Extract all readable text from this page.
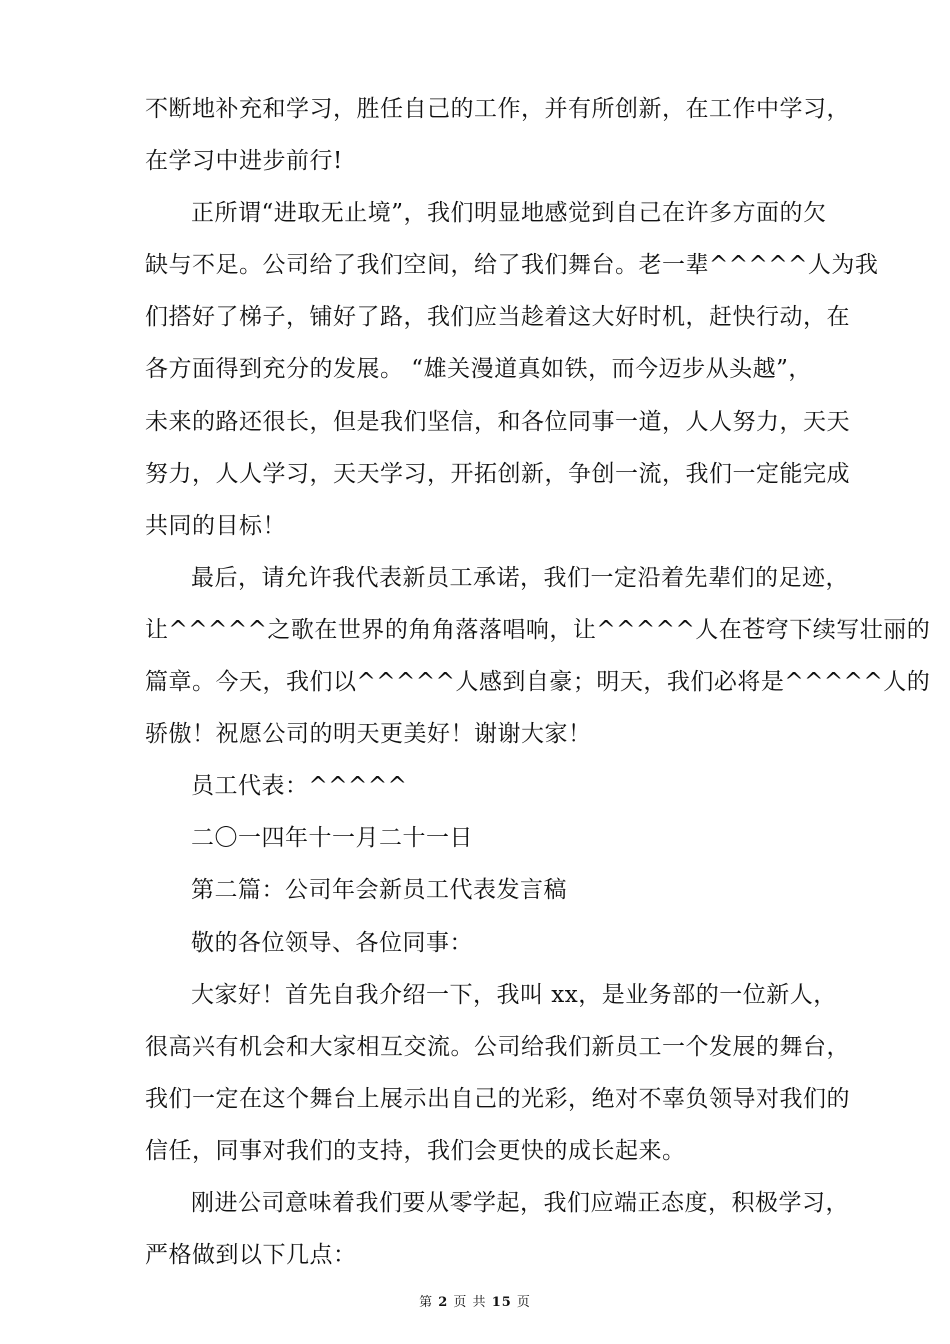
不断地补充和学习，胜任自己的工作，并有所创新，在工作中学习，
在学习中进步前行!
正所谓“进取无止境”，我们明显地感觉到自己在许多方面的欠
缺与不足。公司给了我们空间，给了我们舞台。老一辈^^^^^人为我
们搭好了梯子，铺好了路，我们应当趁着这大好时机，赶快行动，在
各方面得到充分的发展。 “雄关漫道真如铁，而今迈步从头越”，
未来的路还很长，但是我们坚信，和各位同事一道，人人努力，天天
努力，人人学习，天天学习，开拓创新，争创一流，我们一定能完成
共同的目标！
最后，请允许我代表新员工承诺，我们一定沿着先辈们的足迹，
让^^^^^之歌在世界的角角落落唱响，让^^^^^人在苍穹下续写壮丽的
篇章。今天，我们以^^^^^人感到自豪；明天，我们必将是^^^^^人的
骄傲！祝愿公司的明天更美好！谢谢大家！
员工代表：^^^^^
二〇一四年十一月二十一日
第二篇：公司年会新员工代表发言稿
敬的各位领导、各位同事：
大家好！首先自我介绍一下，我叫 xx，是业务部的一位新人，
很高兴有机会和大家相互交流。公司给我们新员工一个发展的舞台，
我们一定在这个舞台上展示出自己的光彩，绝对不辜负领导对我们的
信任，同事对我们的支持，我们会更快的成长起来。
刚进公司意味着我们要从零学起，我们应端正态度，积极学习，
严格做到以下几点：
第 2 页 共 15 页
